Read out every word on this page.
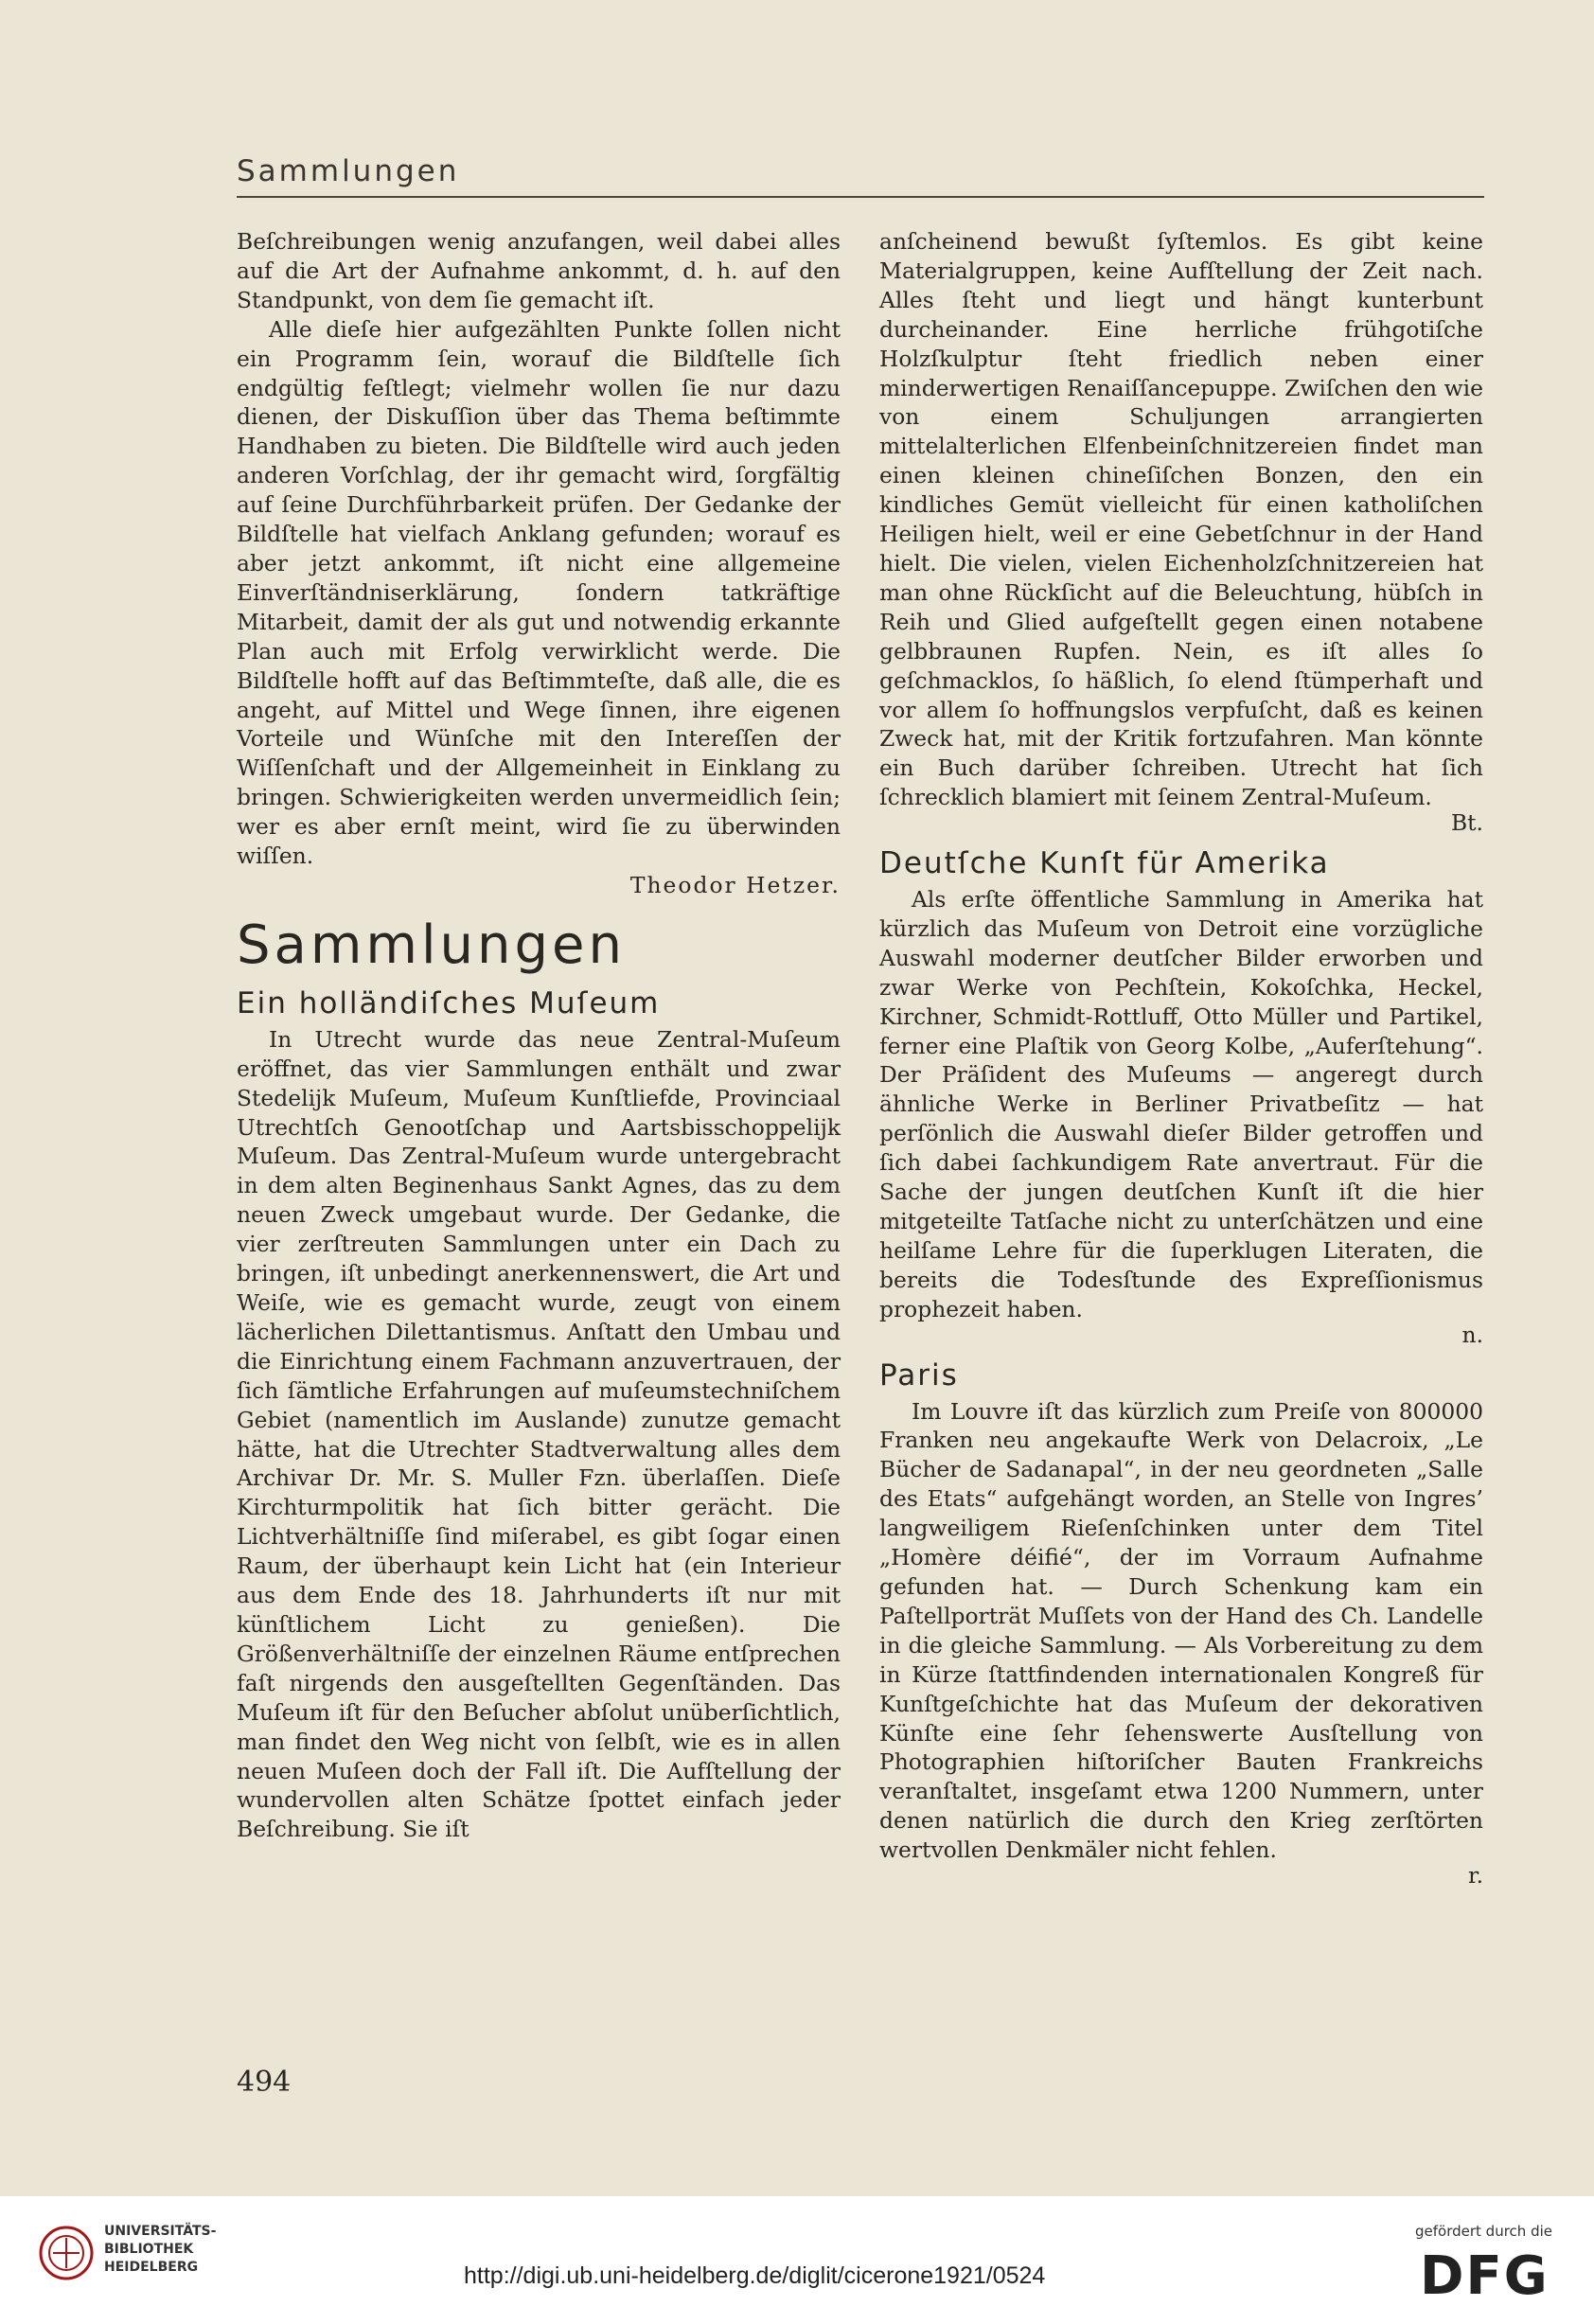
Sammlungen

Beſchreibungen wenig anzufangen, weil dabei alles auf die Art der Aufnahme ankommt, d. h. auf den Standpunkt, von dem ſie gemacht iſt.

Alle dieſe hier aufgezählten Punkte ſollen nicht ein Programm ſein, worauf die Bildſtelle ſich endgültig feſtlegt; vielmehr wollen ſie nur dazu dienen, der Diskuſſion über das Thema beſtimmte Handhaben zu bieten. Die Bildſtelle wird auch jeden anderen Vorſchlag, der ihr gemacht wird, ſorgfältig auf ſeine Durchführbarkeit prüfen. Der Gedanke der Bildſtelle hat vielfach Anklang gefunden; worauf es aber jetzt ankommt, iſt nicht eine allgemeine Einverſtändniserklärung, ſondern tatkräftige Mitarbeit, damit der als gut und notwendig erkannte Plan auch mit Erfolg verwirklicht werde. Die Bildſtelle hofft auf das Beſtimmteſte, daß alle, die es angeht, auf Mittel und Wege ſinnen, ihre eigenen Vorteile und Wünſche mit den Intereſſen der Wiſſenſchaft und der Allgemeinheit in Einklang zu bringen. Schwierigkeiten werden unvermeidlich ſein; wer es aber ernſt meint, wird ſie zu überwinden wiſſen.

Theodor Hetzer.
Sammlungen
Ein holländiſches Muſeum

In Utrecht wurde das neue Zentral-Muſeum eröffnet, das vier Sammlungen enthält und zwar Stedelijk Muſeum, Muſeum Kunſtliefde, Provinciaal Utrechtſch Genootſchap und Aartsbisschoppelijk Muſeum. Das Zentral-Muſeum wurde untergebracht in dem alten Beginenhaus Sankt Agnes, das zu dem neuen Zweck umgebaut wurde. Der Gedanke, die vier zerſtreuten Sammlungen unter ein Dach zu bringen, iſt unbedingt anerkennenswert, die Art und Weiſe, wie es gemacht wurde, zeugt von einem lächerlichen Dilettantismus. Anſtatt den Umbau und die Einrichtung einem Fachmann anzuvertrauen, der ſich ſämtliche Erfahrungen auf muſeumstechniſchem Gebiet (namentlich im Auslande) zunutze gemacht hätte, hat die Utrechter Stadtverwaltung alles dem Archivar Dr. Mr. S. Muller Fzn. überlaſſen. Dieſe Kirchturmpolitik hat ſich bitter gerächt. Die Lichtverhältniſſe ſind miſerabel, es gibt ſogar einen Raum, der überhaupt kein Licht hat (ein Interieur aus dem Ende des 18. Jahrhunderts iſt nur mit künſtlichem Licht zu genießen). Die Größenverhältniſſe der einzelnen Räume entſprechen faſt nirgends den ausgeſtellten Gegenſtänden. Das Muſeum iſt für den Beſucher abſolut unüberſichtlich, man findet den Weg nicht von ſelbſt, wie es in allen neuen Muſeen doch der Fall iſt. Die Aufſtellung der wundervollen alten Schätze ſpottet einfach jeder Beſchreibung. Sie iſt

anſcheinend bewußt ſyſtemlos. Es gibt keine Materialgruppen, keine Aufſtellung der Zeit nach. Alles ſteht und liegt und hängt kunterbunt durcheinander. Eine herrliche frühgotiſche Holzſkulptur ſteht friedlich neben einer minderwertigen Renaiſſancepuppe. Zwiſchen den wie von einem Schuljungen arrangierten mittelalterlichen Elfenbeinſchnitzereien findet man einen kleinen chineſiſchen Bonzen, den ein kindliches Gemüt vielleicht für einen katholiſchen Heiligen hielt, weil er eine Gebetſchnur in der Hand hielt. Die vielen, vielen Eichenholzſchnitzereien hat man ohne Rückſicht auf die Beleuchtung, hübſch in Reih und Glied aufgeſtellt gegen einen notabene gelbbraunen Rupfen. Nein, es iſt alles ſo geſchmacklos, ſo häßlich, ſo elend ſtümperhaft und vor allem ſo hoffnungslos verpfuſcht, daß es keinen Zweck hat, mit der Kritik fortzufahren. Man könnte ein Buch darüber ſchreiben. Utrecht hat ſich ſchrecklich blamiert mit ſeinem Zentral-Muſeum.

Bt.
Deutſche Kunſt für Amerika

Als erſte öffentliche Sammlung in Amerika hat kürzlich das Muſeum von Detroit eine vorzügliche Auswahl moderner deutſcher Bilder erworben und zwar Werke von Pechſtein, Kokoſchka, Heckel, Kirchner, Schmidt-Rottluff, Otto Müller und Partikel, ferner eine Plaſtik von Georg Kolbe, „Auferſtehung“. Der Präſident des Muſeums — angeregt durch ähnliche Werke in Berliner Privatbeſitz — hat perſönlich die Auswahl dieſer Bilder getroffen und ſich dabei ſachkundigem Rate anvertraut. Für die Sache der jungen deutſchen Kunſt iſt die hier mitgeteilte Tatſache nicht zu unterſchätzen und eine heilſame Lehre für die ſuperklugen Literaten, die bereits die Todesſtunde des Expreſſionismus prophezeit haben.

n.
Paris

Im Louvre iſt das kürzlich zum Preiſe von 800000 Franken neu angekaufte Werk von Delacroix, „Le Bücher de Sadanapal“, in der neu geordneten „Salle des Etats“ aufgehängt worden, an Stelle von Ingres’ langweiligem Rieſenſchinken unter dem Titel „Homère déifié“, der im Vorraum Aufnahme gefunden hat. — Durch Schenkung kam ein Paſtellporträt Muſſets von der Hand des Ch. Landelle in die gleiche Sammlung. — Als Vorbereitung zu dem in Kürze ſtattfindenden internationalen Kongreß für Kunſtgeſchichte hat das Muſeum der dekorativen Künſte eine ſehr ſehenswerte Ausſtellung von Photographien hiſtoriſcher Bauten Frankreichs veranſtaltet, insgeſamt etwa 1200 Nummern, unter denen natürlich die durch den Krieg zerſtörten wertvollen Denkmäler nicht fehlen.

r.
494
UNIVERSITÄTS-
BIBLIOTHEK
HEIDELBERG	http://digi.ub.uni-heidelberg.de/diglit/cicerone1921/0524
gefördert durch die
DFG
